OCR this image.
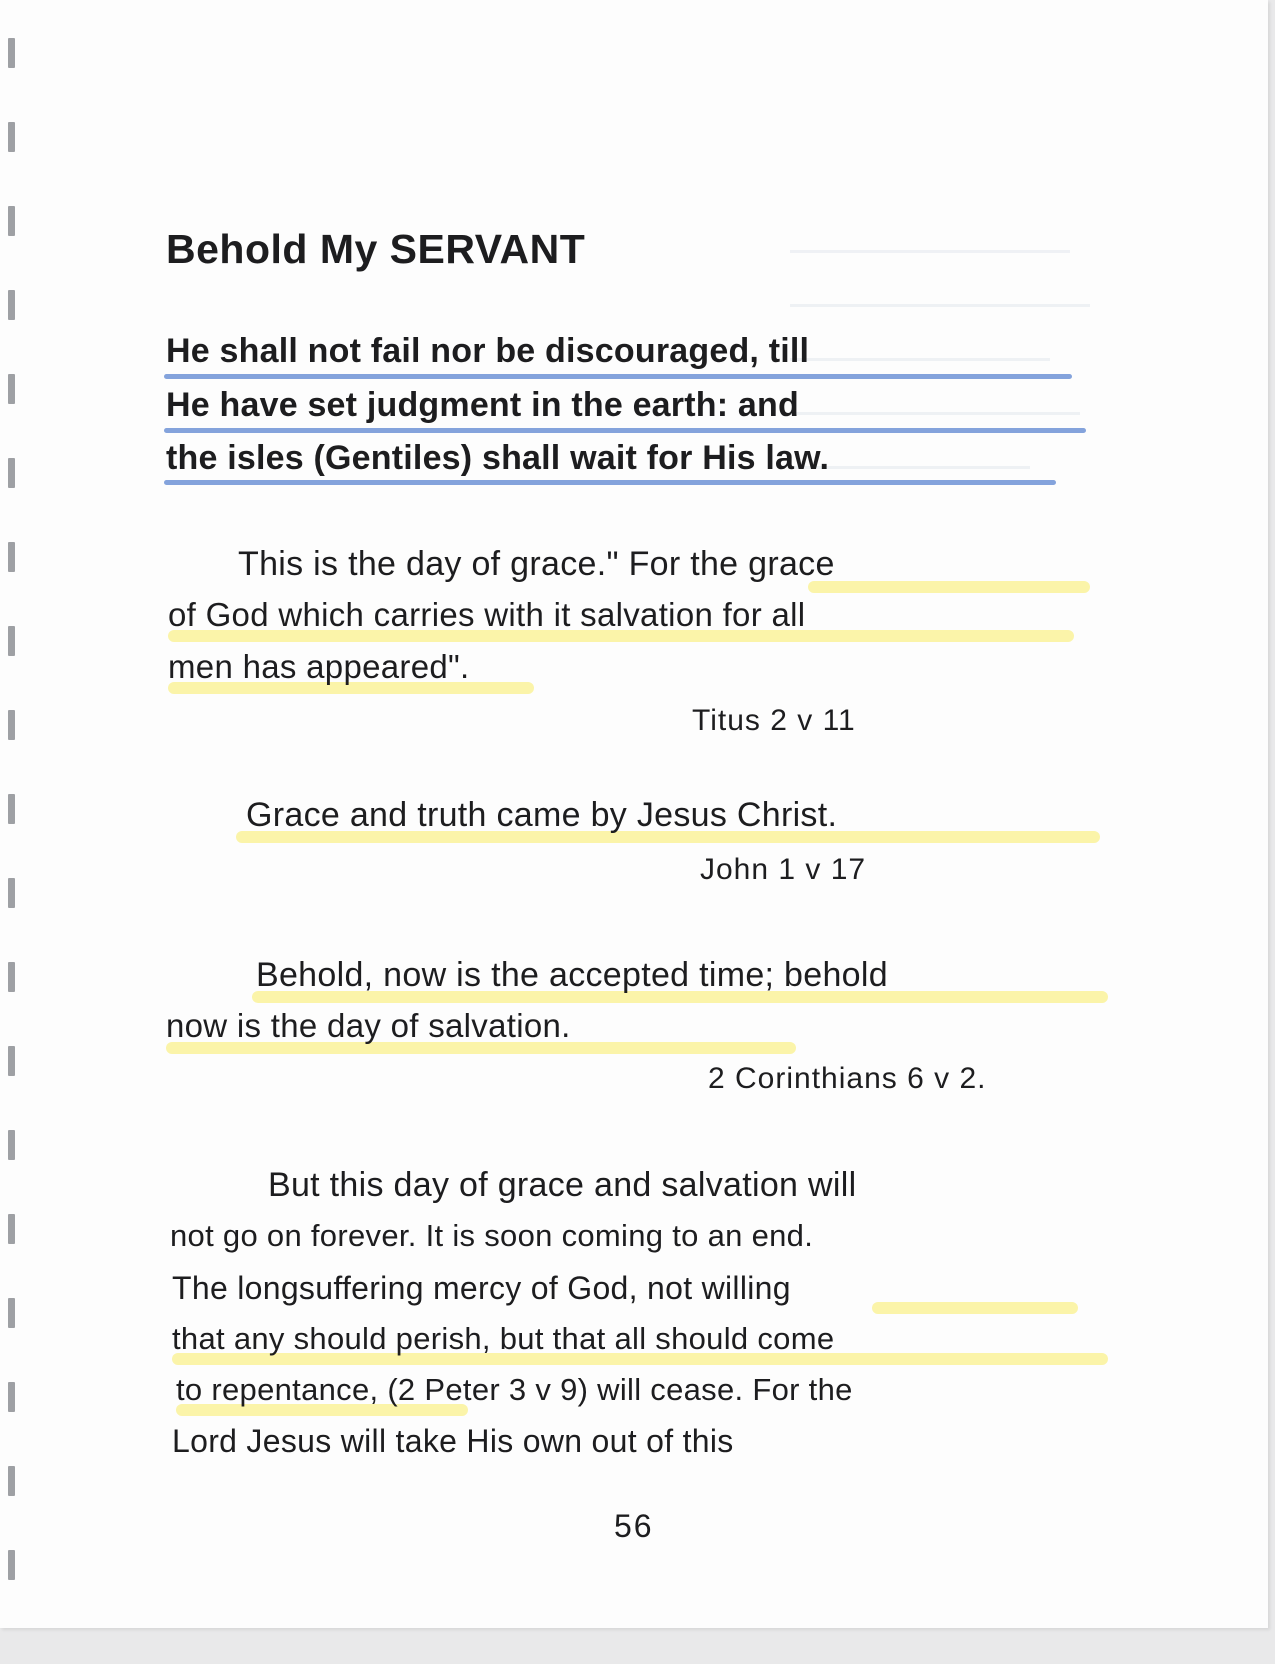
Behold My SERVANT
He shall not fail nor be discouraged, till
He have set judgment in the earth: and
the isles (Gentiles) shall wait for His law.
This is the day of grace." For the grace
of God which carries with it salvation for all
men has appeared".
Titus 2 v 11
Grace and truth came by Jesus Christ.
John 1 v 17
Behold, now is the accepted time; behold
now is the day of salvation.
2 Corinthians 6 v 2.
But this day of grace and salvation will
not go on forever. It is soon coming to an end.
The longsuffering mercy of God, not willing
that any should perish, but that all should come
to repentance, (2 Peter 3 v 9) will cease. For the
Lord Jesus will take His own out of this
56
